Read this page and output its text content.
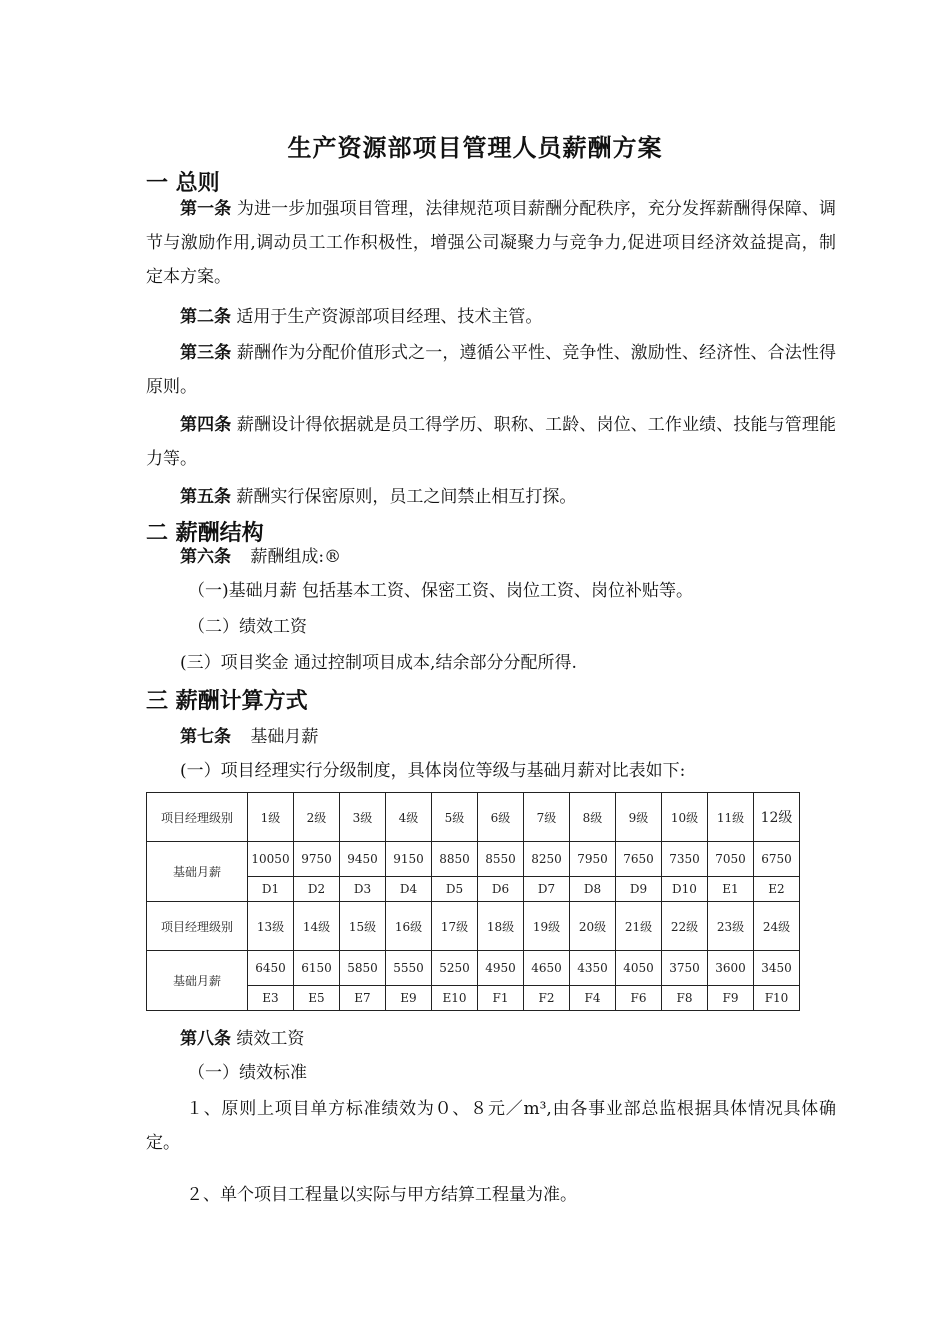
生产资源部项目管理人员薪酬方案
一 总则
第一条 为进一步加强项目管理，法律规范项目薪酬分配秩序，充分发挥薪酬得保障、调节与激励作用,调动员工工作积极性，增强公司凝聚力与竞争力,促进项目经济效益提高，制定本方案。
第二条 适用于生产资源部项目经理、技术主管。
第三条 薪酬作为分配价值形式之一，遵循公平性、竞争性、激励性、经济性、合法性得原则。
第四条 薪酬设计得依据就是员工得学历、职称、工龄、岗位、工作业绩、技能与管理能力等。
第五条 薪酬实行保密原则，员工之间禁止相互打探。
二 薪酬结构
第六条 薪酬组成:®
（一)基础月薪 包括基本工资、保密工资、岗位工资、岗位补贴等。
（二）绩效工资
(三）项目奖金 通过控制项目成本,结余部分分配所得.
三 薪酬计算方式
第七条 基础月薪
(一）项目经理实行分级制度，具体岗位等级与基础月薪对比表如下:
项目经理级别	1级	2级	3级	4级	5级	6级	7级	8级	9级	10级	11级	12级
基础月薪	10050	9750	9450	9150	8850	8550	8250	7950	7650	7350	7050	6750
	D1	D2	D3	D4	D5	D6	D7	D8	D9	D10	E1	E2
项目经理级别	13级	14级	15级	16级	17级	18级	19级	20级	21级	22级	23级	24级
基础月薪	6450	6150	5850	5550	5250	4950	4650	4350	4050	3750	3600	3450
	E3	E5	E7	E9	E10	F1	F2	F4	F6	F8	F9	F10
第八条 绩效工资
（一）绩效标准
１、原则上项目单方标准绩效为０、８元／m³,由各事业部总监根据具体情况具体确定。
２、单个项目工程量以实际与甲方结算工程量为准。
